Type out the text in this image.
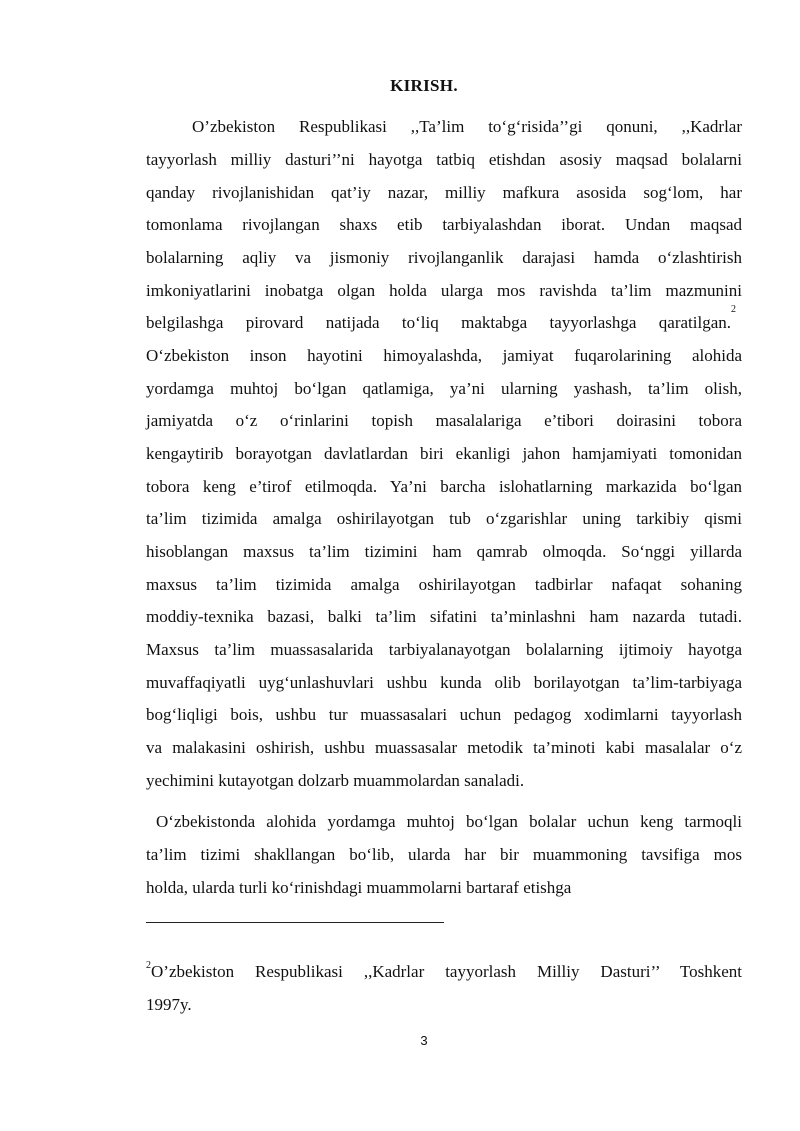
KIRISH.
O’zbekiston Respublikasi ,,Ta’lim to‘g‘risida’’gi qonuni, ,,Kadrlar
tayyorlash milliy dasturi’’ni hayotga tatbiq etishdan asosiy maqsad bolalarni
qanday rivojlanishidan qat’iy nazar, milliy mafkura asosida sog‘lom, har
tomonlama rivojlangan shaxs etib tarbiyalashdan iborat. Undan maqsad
bolalarning aqliy va jismoniy rivojlanganlik darajasi hamda o‘zlashtirish
imkoniyatlarini inobatga olgan holda ularga mos ravishda ta’lim mazmunini
belgilashga pirovard natijada to‘liq maktabga tayyorlashga qaratilgan.
$^2$
O‘zbekiston inson hayotini himoyalashda, jamiyat fuqarolarining alohida
yordamga muhtoj bo‘lgan qatlamiga, ya’ni ularning yashash, ta’lim olish,
jamiyatda o‘z o‘rinlarini topish masalalariga e’tibori doirasini tobora
kengaytirib borayotgan davlatlardan biri ekanligi jahon hamjamiyati tomonidan
tobora keng e’tirof etilmoqda. Ya’ni barcha islohatlarning markazida bo‘lgan
ta’lim tizimida amalga oshirilayotgan tub o‘zgarishlar uning tarkibiy qismi
hisoblangan maxsus ta’lim tizimini ham qamrab olmoqda. So‘nggi yillarda
maxsus ta’lim tizimida amalga oshirilayotgan tadbirlar nafaqat sohaning
moddiy-texnika bazasi, balki ta’lim sifatini ta’minlashni ham nazarda tutadi.
Maxsus ta’lim muassasalarida tarbiyalanayotgan bolalarning ijtimoiy hayotga
muvaffaqiyatli uyg‘unlashuvlari ushbu kunda olib borilayotgan ta’lim-tarbiyaga
bog‘liqligi bois, ushbu tur muassasalari uchun pedagog xodimlarni tayyorlash
va malakasini oshirish, ushbu muassasalar metodik ta’minoti kabi masalalar o‘z
yechimini kutayotgan dolzarb muammolardan sanaladi.
O‘zbekistonda alohida yordamga muhtoj bo‘lgan bolalar uchun keng tarmoqli
ta’lim tizimi shakllangan bo‘lib, ularda har bir muammoning tavsifiga mos
holda, ularda turli ko‘rinishdagi muammolarni bartaraf etishga
2 O’zbekiston Respublikasi ,,Kadrlar tayyorlash Milliy Dasturi’’ Toshkent
1997y.
3
